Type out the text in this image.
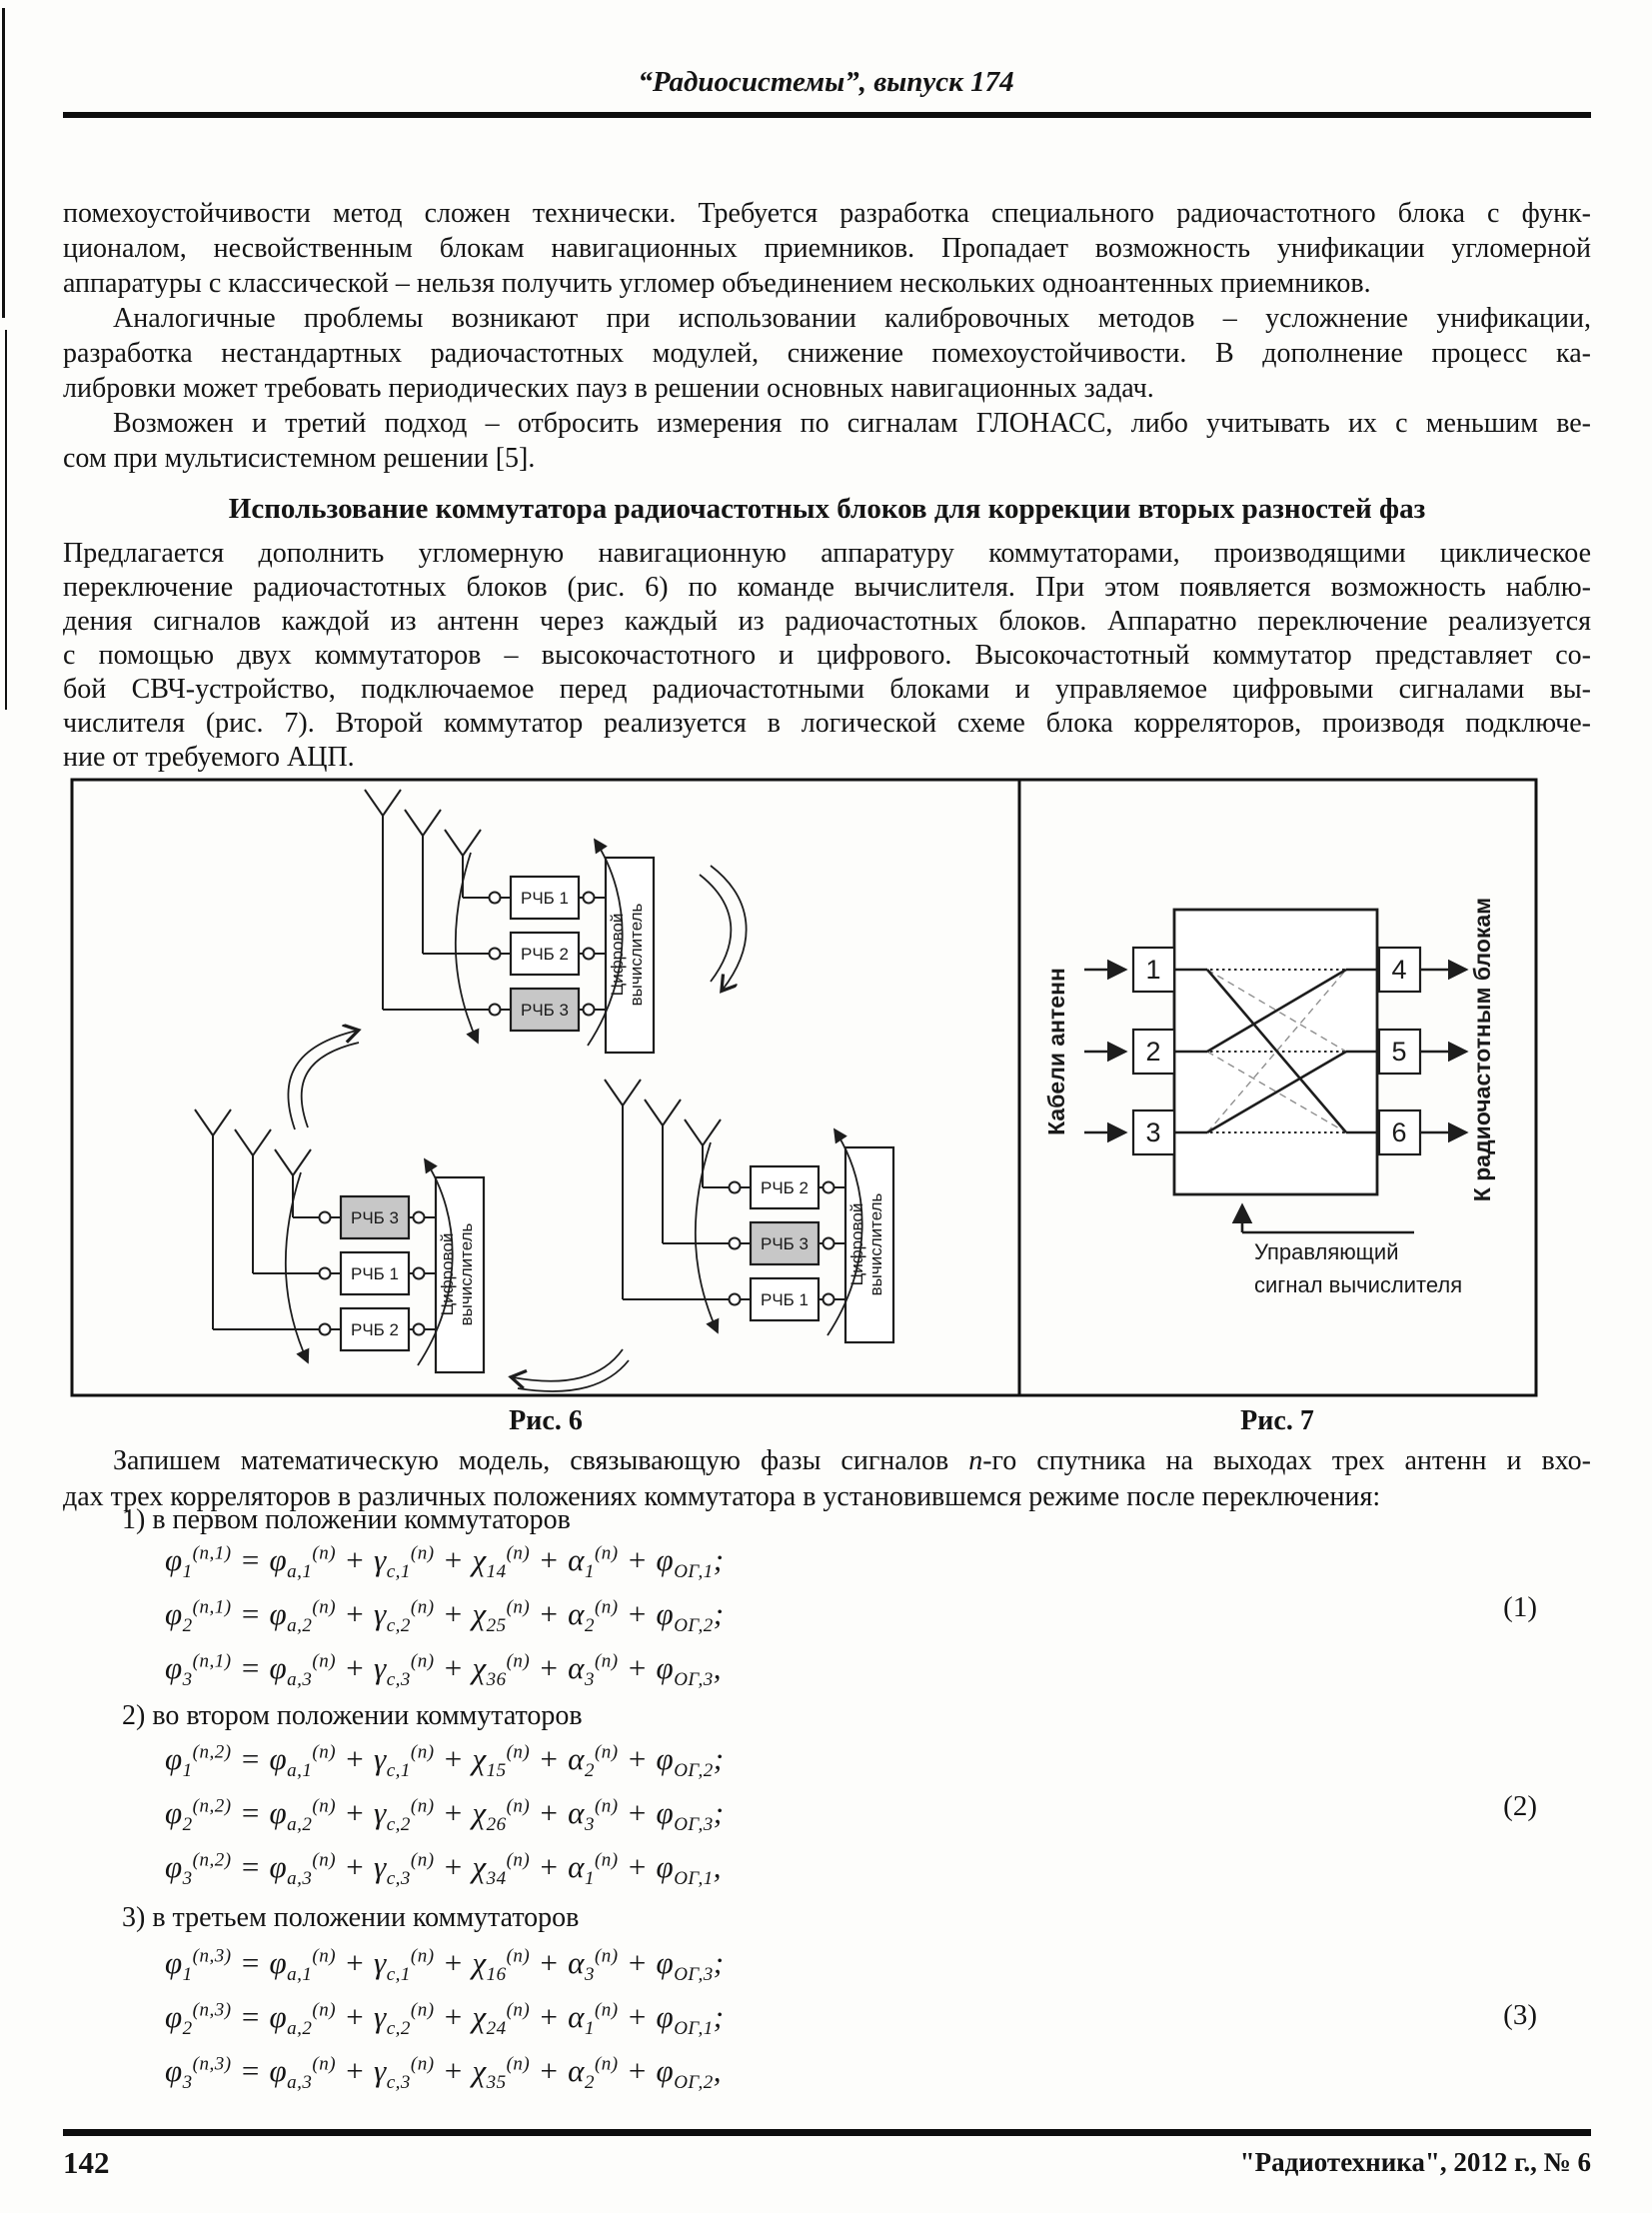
“Радиосистемы”, выпуск 174
помехоустойчивости метод сложен технически. Требуется разработка специального радиочастотного блока с функ-
ционалом, несвойственным блокам навигационных приемников. Пропадает возможность унификации угломерной
аппаратуры с классической – нельзя получить угломер объединением нескольких одноантенных приемников.
Аналогичные проблемы возникают при использовании калибровочных методов – усложнение унификации,
разработка нестандартных радиочастотных модулей, снижение помехоустойчивости. В дополнение процесс ка-
либровки может требовать периодических пауз в решении основных навигационных задач.
Возможен и третий подход – отбросить измерения по сигналам ГЛОНАСС, либо учитывать их с меньшим ве-
сом при мультисистемном решении [5].
Использование коммутатора радиочастотных блоков для коррекции вторых разностей фаз
Предлагается дополнить угломерную навигационную аппаратуру коммутаторами, производящими циклическое
переключение радиочастотных блоков (рис. 6) по команде вычислителя. При этом появляется возможность наблю-
дения сигналов каждой из антенн через каждый из радиочастотных блоков. Аппаратно переключение реализуется
с помощью двух коммутаторов – высокочастотного и цифрового. Высокочастотный коммутатор представляет со-
бой СВЧ-устройство, подключаемое перед радиочастотными блоками и управляемое цифровыми сигналами вы-
числителя (рис. 7). Второй коммутатор реализуется в логической схеме блока корреляторов, производя подключе-
ние от требуемого АЦП.
РЧБ 1
РЧБ 2
РЧБ 3
Цифровой вычислитель
РЧБ 3
РЧБ 1
РЧБ 2
Цифровой вычислитель
РЧБ 2
РЧБ 3
РЧБ 1
Цифровой вычислитель
1
2
3
4
5
6
Кабели антенн	К радиочастотным блокам
Управляющий
сигнал вычислителя
Рис. 6	Рис. 7
Запишем математическую модель, связывающую фазы сигналов n-го спутника на выходах трех антенн и вхо-
дах трех корреляторов в различных положениях коммутатора в установившемся режиме после переключения:
1) в первом положении коммутаторов
$\varphi_1^{(n,1)} = \varphi_{a,1}^{(n)} + \gamma_{c,1}^{(n)} + \chi_{14}^{(n)} + \alpha_1^{(n)} + \varphi_{ОГ,1}$;
$\varphi_2^{(n,1)} = \varphi_{a,2}^{(n)} + \gamma_{c,2}^{(n)} + \chi_{25}^{(n)} + \alpha_2^{(n)} + \varphi_{ОГ,2}$;
$\varphi_3^{(n,1)} = \varphi_{a,3}^{(n)} + \gamma_{c,3}^{(n)} + \chi_{36}^{(n)} + \alpha_3^{(n)} + \varphi_{ОГ,3}$,
(1)
2) во втором положении коммутаторов
$\varphi_1^{(n,2)} = \varphi_{a,1}^{(n)} + \gamma_{c,1}^{(n)} + \chi_{15}^{(n)} + \alpha_2^{(n)} + \varphi_{ОГ,2}$;
$\varphi_2^{(n,2)} = \varphi_{a,2}^{(n)} + \gamma_{c,2}^{(n)} + \chi_{26}^{(n)} + \alpha_3^{(n)} + \varphi_{ОГ,3}$;
$\varphi_3^{(n,2)} = \varphi_{a,3}^{(n)} + \gamma_{c,3}^{(n)} + \chi_{34}^{(n)} + \alpha_1^{(n)} + \varphi_{ОГ,1}$,
(2)
3) в третьем положении коммутаторов
$\varphi_1^{(n,3)} = \varphi_{a,1}^{(n)} + \gamma_{c,1}^{(n)} + \chi_{16}^{(n)} + \alpha_3^{(n)} + \varphi_{ОГ,3}$;
$\varphi_2^{(n,3)} = \varphi_{a,2}^{(n)} + \gamma_{c,2}^{(n)} + \chi_{24}^{(n)} + \alpha_1^{(n)} + \varphi_{ОГ,1}$;
$\varphi_3^{(n,3)} = \varphi_{a,3}^{(n)} + \gamma_{c,3}^{(n)} + \chi_{35}^{(n)} + \alpha_2^{(n)} + \varphi_{ОГ,2}$,
(3)
142	"Радиотехника", 2012 г., № 6
